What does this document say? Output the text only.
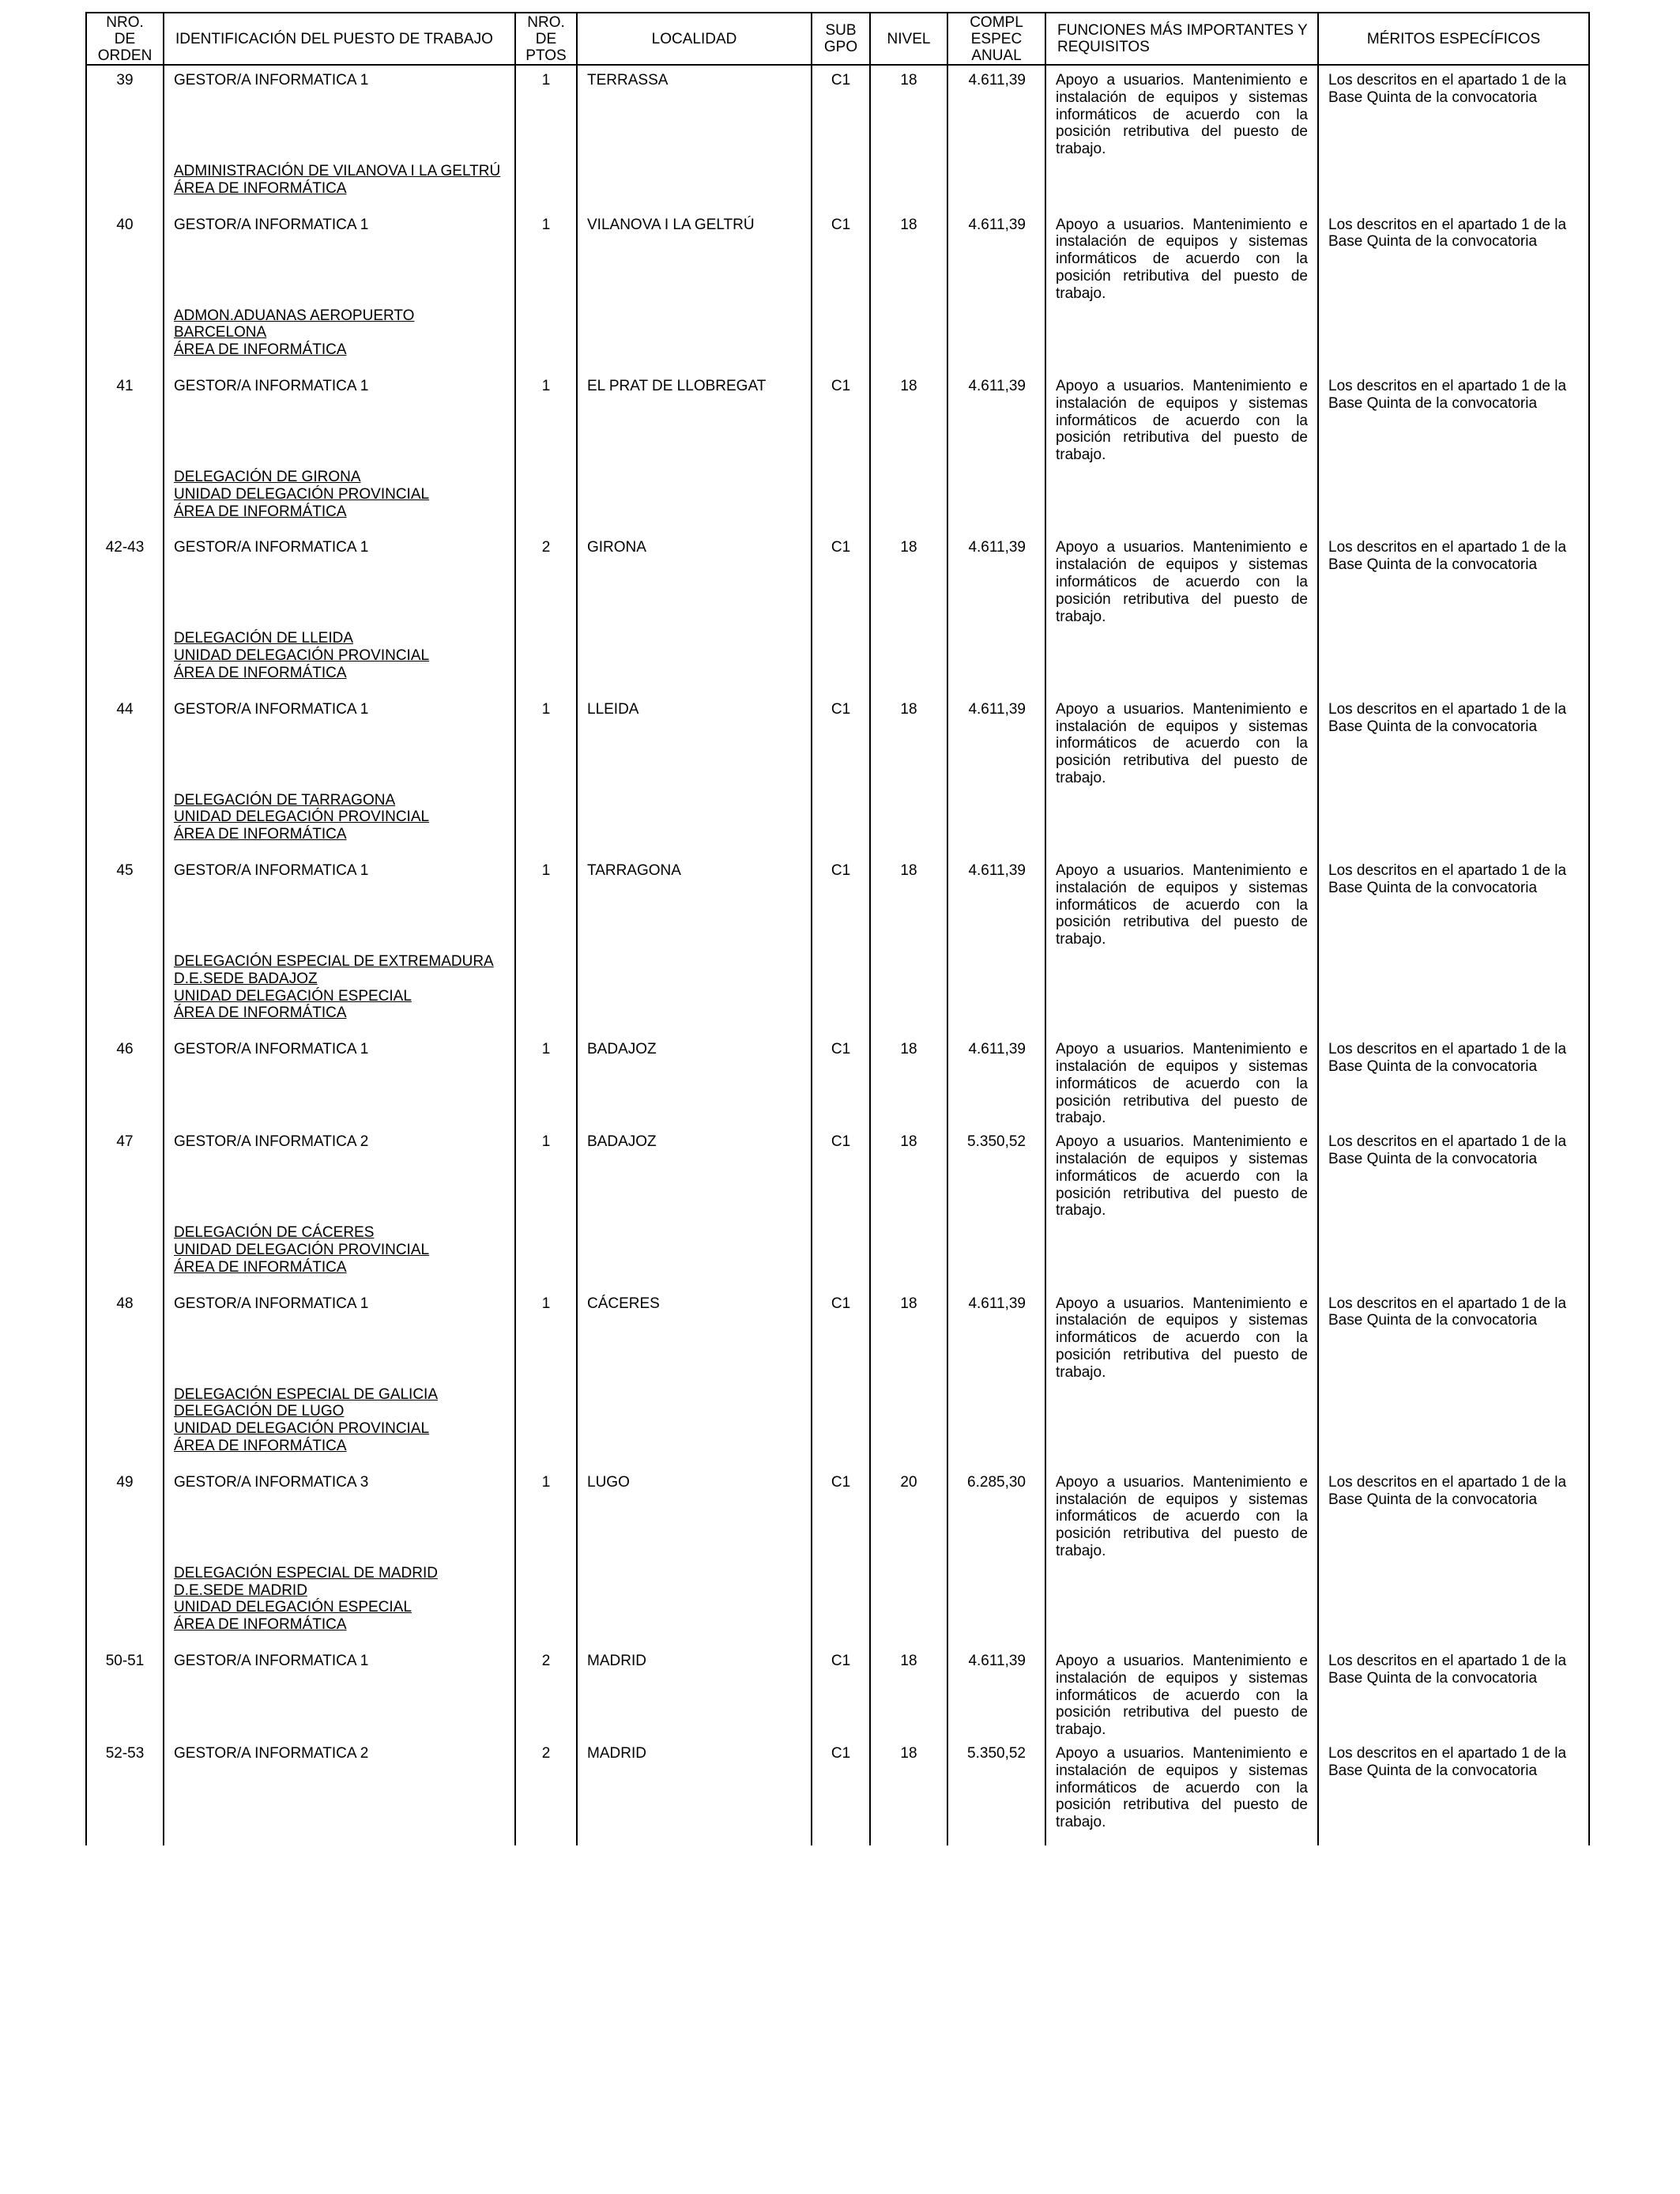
NRO.
DE
ORDEN	IDENTIFICACIÓN DEL PUESTO DE TRABAJO	NRO.
DE
PTOS	LOCALIDAD	SUB
GPO	NIVEL	COMPL
ESPEC
ANUAL	FUNCIONES MÁS IMPORTANTES Y
REQUISITOS	MÉRITOS ESPECÍFICOS

39	GESTOR/A INFORMATICA 1	1	TERRASSA	C1	18	4.611,39	Apoyo a usuarios. Mantenimiento e instalación de equipos y sistemas informáticos de acuerdo con la posición retributiva del puesto de trabajo.	Los descritos en el apartado 1 de la Base Quinta de la convocatoria

	ADMINISTRACIÓN DE VILANOVA I LA GELTRÚ
ÁREA DE INFORMÁTICA							

40	GESTOR/A INFORMATICA 1	1	VILANOVA I LA GELTRÚ	C1	18	4.611,39	Apoyo a usuarios. Mantenimiento e instalación de equipos y sistemas informáticos de acuerdo con la posición retributiva del puesto de trabajo.	Los descritos en el apartado 1 de la Base Quinta de la convocatoria

	ADMON.ADUANAS AEROPUERTO
BARCELONA
ÁREA DE INFORMÁTICA							

41	GESTOR/A INFORMATICA 1	1	EL PRAT DE LLOBREGAT	C1	18	4.611,39	Apoyo a usuarios. Mantenimiento e instalación de equipos y sistemas informáticos de acuerdo con la posición retributiva del puesto de trabajo.	Los descritos en el apartado 1 de la Base Quinta de la convocatoria

	DELEGACIÓN DE GIRONA
UNIDAD DELEGACIÓN PROVINCIAL
ÁREA DE INFORMÁTICA							

42-43	GESTOR/A INFORMATICA 1	2	GIRONA	C1	18	4.611,39	Apoyo a usuarios. Mantenimiento e instalación de equipos y sistemas informáticos de acuerdo con la posición retributiva del puesto de trabajo.	Los descritos en el apartado 1 de la Base Quinta de la convocatoria

	DELEGACIÓN DE LLEIDA
UNIDAD DELEGACIÓN PROVINCIAL
ÁREA DE INFORMÁTICA							

44	GESTOR/A INFORMATICA 1	1	LLEIDA	C1	18	4.611,39	Apoyo a usuarios. Mantenimiento e instalación de equipos y sistemas informáticos de acuerdo con la posición retributiva del puesto de trabajo.	Los descritos en el apartado 1 de la Base Quinta de la convocatoria

	DELEGACIÓN DE TARRAGONA
UNIDAD DELEGACIÓN PROVINCIAL
ÁREA DE INFORMÁTICA							

45	GESTOR/A INFORMATICA 1	1	TARRAGONA	C1	18	4.611,39	Apoyo a usuarios. Mantenimiento e instalación de equipos y sistemas informáticos de acuerdo con la posición retributiva del puesto de trabajo.	Los descritos en el apartado 1 de la Base Quinta de la convocatoria

	DELEGACIÓN ESPECIAL DE EXTREMADURA
D.E.SEDE BADAJOZ
UNIDAD DELEGACIÓN ESPECIAL
ÁREA DE INFORMÁTICA							

46	GESTOR/A INFORMATICA 1	1	BADAJOZ	C1	18	4.611,39	Apoyo a usuarios. Mantenimiento e instalación de equipos y sistemas informáticos de acuerdo con la posición retributiva del puesto de trabajo.	Los descritos en el apartado 1 de la Base Quinta de la convocatoria

47	GESTOR/A INFORMATICA 2	1	BADAJOZ	C1	18	5.350,52	Apoyo a usuarios. Mantenimiento e instalación de equipos y sistemas informáticos de acuerdo con la posición retributiva del puesto de trabajo.	Los descritos en el apartado 1 de la Base Quinta de la convocatoria

	DELEGACIÓN DE CÁCERES
UNIDAD DELEGACIÓN PROVINCIAL
ÁREA DE INFORMÁTICA							

48	GESTOR/A INFORMATICA 1	1	CÁCERES	C1	18	4.611,39	Apoyo a usuarios. Mantenimiento e instalación de equipos y sistemas informáticos de acuerdo con la posición retributiva del puesto de trabajo.	Los descritos en el apartado 1 de la Base Quinta de la convocatoria

	DELEGACIÓN ESPECIAL DE GALICIA
DELEGACIÓN DE LUGO
UNIDAD DELEGACIÓN PROVINCIAL
ÁREA DE INFORMÁTICA							

49	GESTOR/A INFORMATICA 3	1	LUGO	C1	20	6.285,30	Apoyo a usuarios. Mantenimiento e instalación de equipos y sistemas informáticos de acuerdo con la posición retributiva del puesto de trabajo.	Los descritos en el apartado 1 de la Base Quinta de la convocatoria

	DELEGACIÓN ESPECIAL DE MADRID
D.E.SEDE MADRID
UNIDAD DELEGACIÓN ESPECIAL
ÁREA DE INFORMÁTICA							

50-51	GESTOR/A INFORMATICA 1	2	MADRID	C1	18	4.611,39	Apoyo a usuarios. Mantenimiento e instalación de equipos y sistemas informáticos de acuerdo con la posición retributiva del puesto de trabajo.	Los descritos en el apartado 1 de la Base Quinta de la convocatoria

52-53	GESTOR/A INFORMATICA 2	2	MADRID	C1	18	5.350,52	Apoyo a usuarios. Mantenimiento e instalación de equipos y sistemas informáticos de acuerdo con la posición retributiva del puesto de trabajo.	Los descritos en el apartado 1 de la Base Quinta de la convocatoria
